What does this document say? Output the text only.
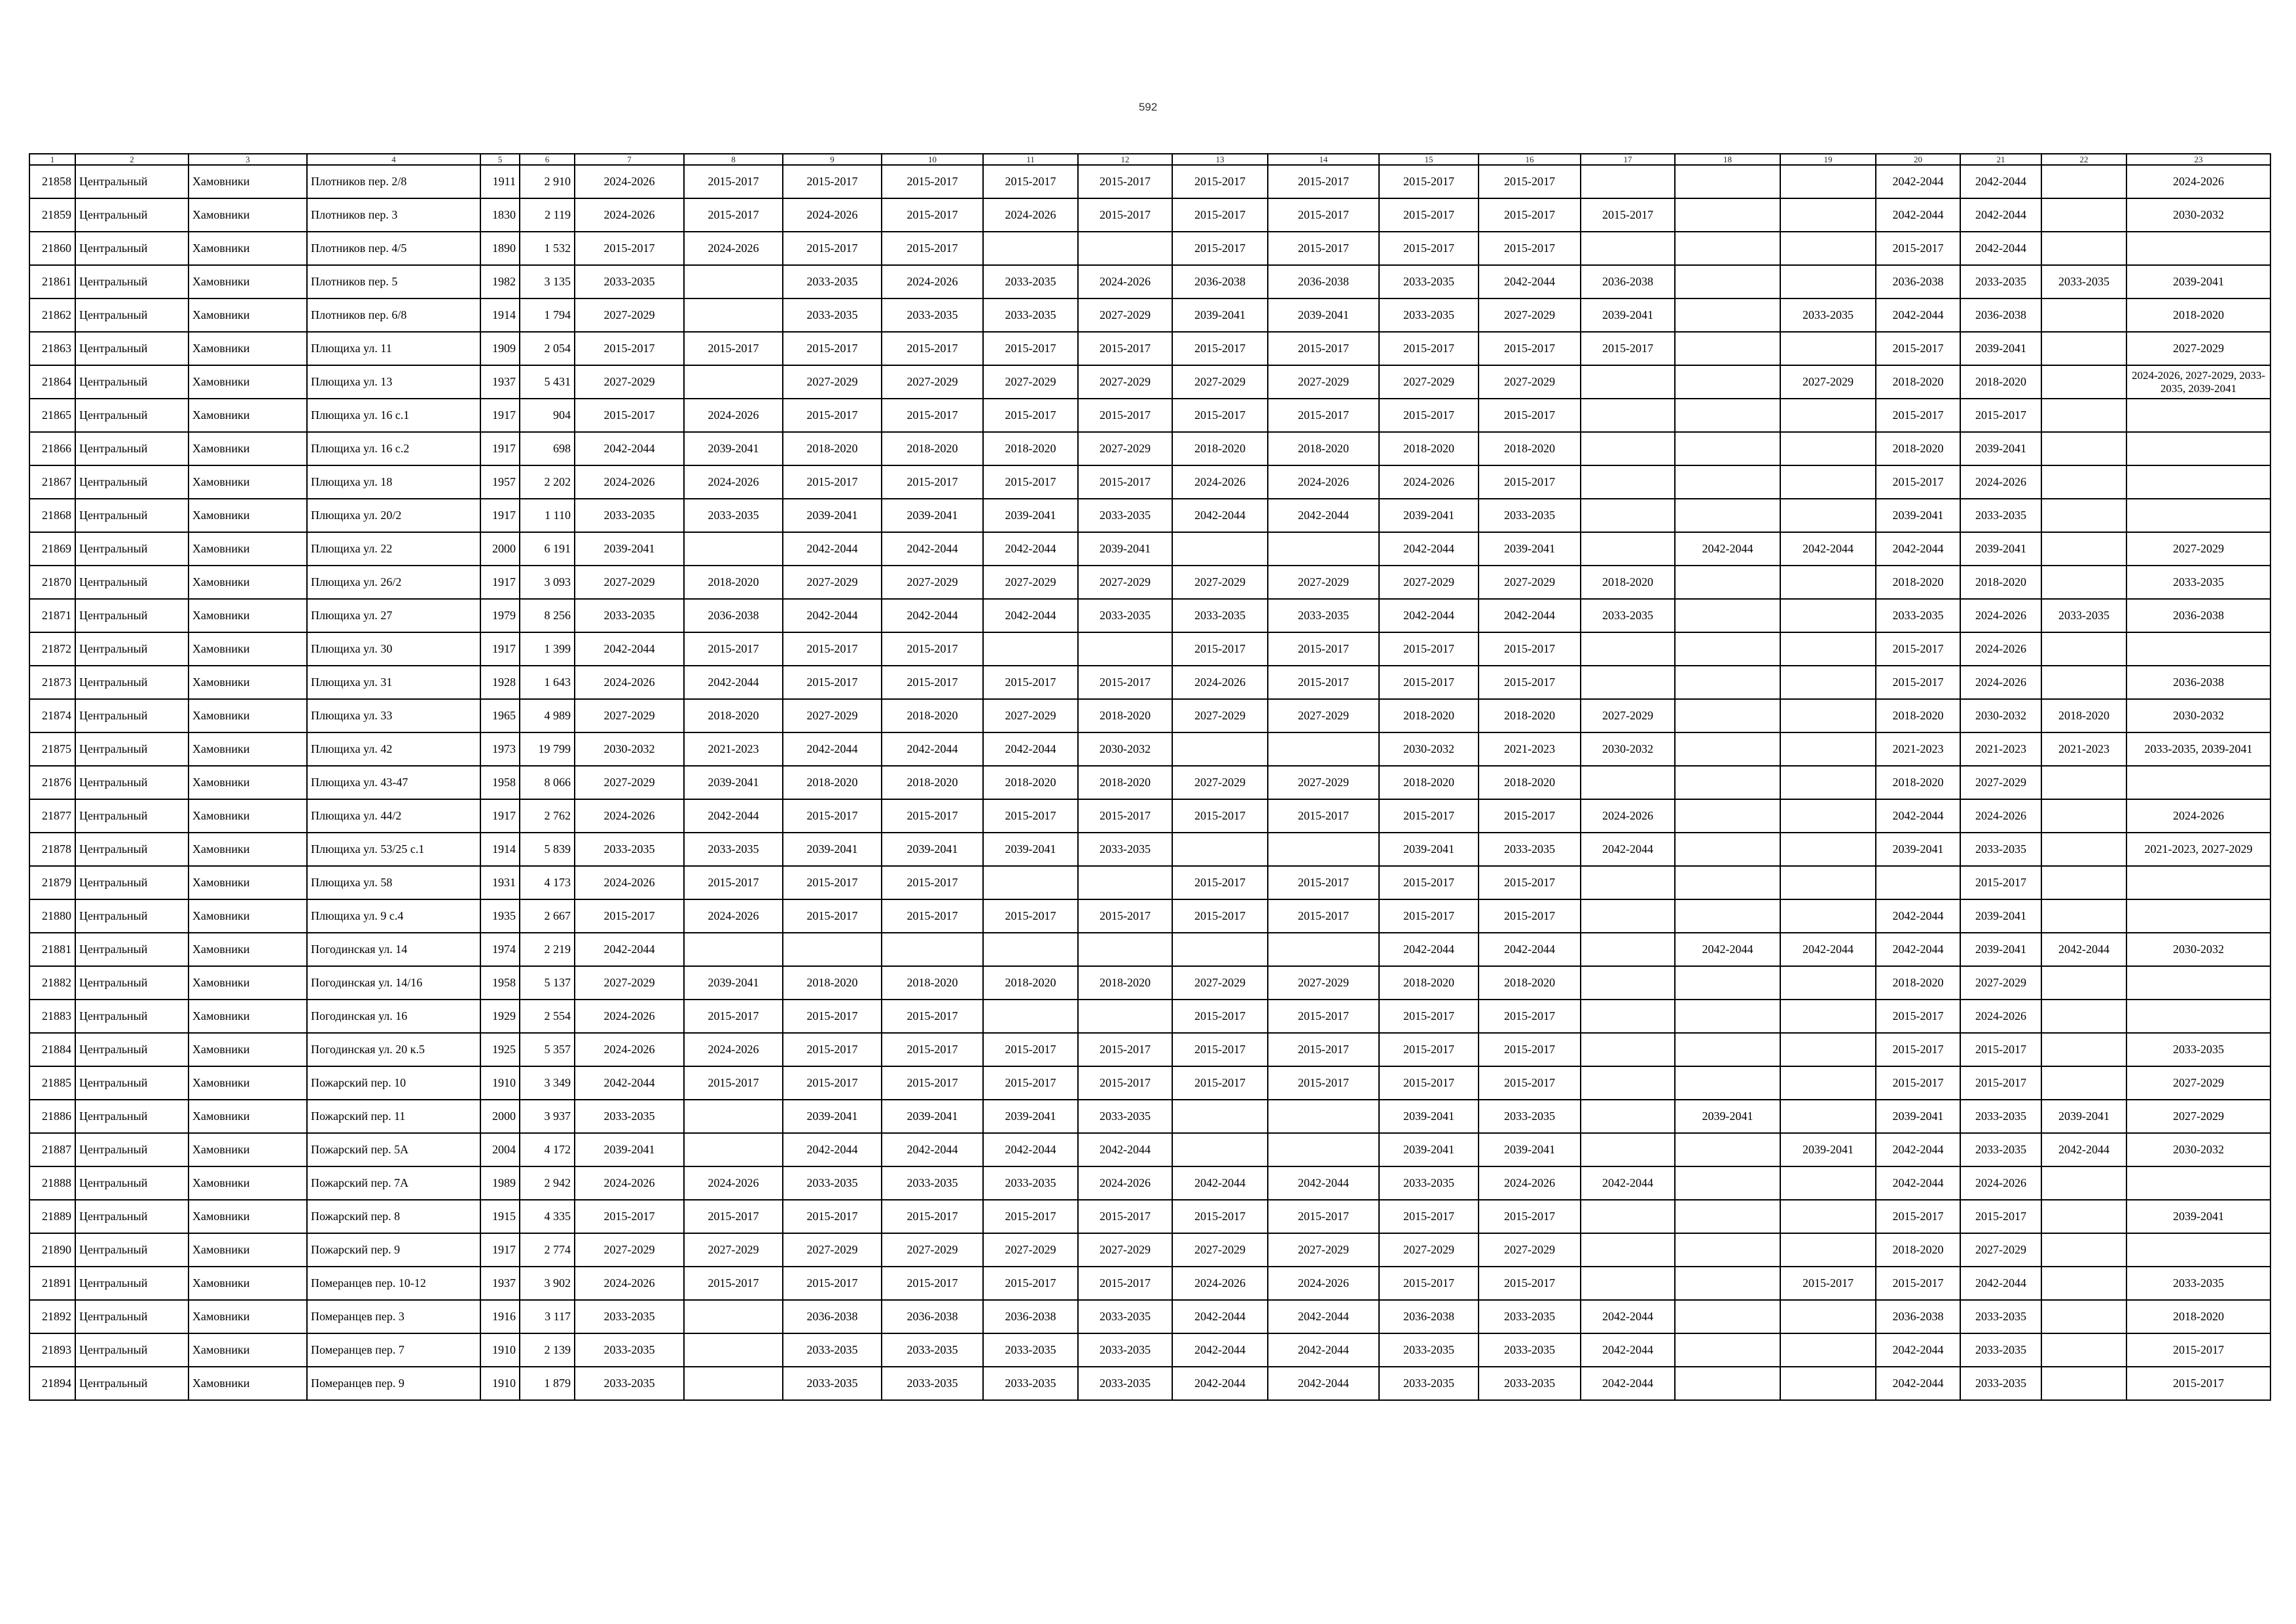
592
1	2	3	4	5	6	7	8	9	10	11	12	13	14	15	16	17	18	19	20	21	22	23
21858	Центральный	Хамовники	Плотников пер. 2/8	1911	2 910	2024-2026	2015-2017	2015-2017	2015-2017	2015-2017	2015-2017	2015-2017	2015-2017	2015-2017	2015-2017				2042-2044	2042-2044		2024-2026
21859	Центральный	Хамовники	Плотников пер. 3	1830	2 119	2024-2026	2015-2017	2024-2026	2015-2017	2024-2026	2015-2017	2015-2017	2015-2017	2015-2017	2015-2017	2015-2017			2042-2044	2042-2044		2030-2032
21860	Центральный	Хамовники	Плотников пер. 4/5	1890	1 532	2015-2017	2024-2026	2015-2017	2015-2017			2015-2017	2015-2017	2015-2017	2015-2017				2015-2017	2042-2044		
21861	Центральный	Хамовники	Плотников пер. 5	1982	3 135	2033-2035		2033-2035	2024-2026	2033-2035	2024-2026	2036-2038	2036-2038	2033-2035	2042-2044	2036-2038			2036-2038	2033-2035	2033-2035	2039-2041
21862	Центральный	Хамовники	Плотников пер. 6/8	1914	1 794	2027-2029		2033-2035	2033-2035	2033-2035	2027-2029	2039-2041	2039-2041	2033-2035	2027-2029	2039-2041		2033-2035	2042-2044	2036-2038		2018-2020
21863	Центральный	Хамовники	Плющиха ул. 11	1909	2 054	2015-2017	2015-2017	2015-2017	2015-2017	2015-2017	2015-2017	2015-2017	2015-2017	2015-2017	2015-2017	2015-2017			2015-2017	2039-2041		2027-2029
21864	Центральный	Хамовники	Плющиха ул. 13	1937	5 431	2027-2029		2027-2029	2027-2029	2027-2029	2027-2029	2027-2029	2027-2029	2027-2029	2027-2029			2027-2029	2018-2020	2018-2020		2024-2026, 2027-2029, 2033-2035, 2039-2041
21865	Центральный	Хамовники	Плющиха ул. 16 с.1	1917	904	2015-2017	2024-2026	2015-2017	2015-2017	2015-2017	2015-2017	2015-2017	2015-2017	2015-2017	2015-2017				2015-2017	2015-2017		
21866	Центральный	Хамовники	Плющиха ул. 16 с.2	1917	698	2042-2044	2039-2041	2018-2020	2018-2020	2018-2020	2027-2029	2018-2020	2018-2020	2018-2020	2018-2020				2018-2020	2039-2041		
21867	Центральный	Хамовники	Плющиха ул. 18	1957	2 202	2024-2026	2024-2026	2015-2017	2015-2017	2015-2017	2015-2017	2024-2026	2024-2026	2024-2026	2015-2017				2015-2017	2024-2026		
21868	Центральный	Хамовники	Плющиха ул. 20/2	1917	1 110	2033-2035	2033-2035	2039-2041	2039-2041	2039-2041	2033-2035	2042-2044	2042-2044	2039-2041	2033-2035				2039-2041	2033-2035		
21869	Центральный	Хамовники	Плющиха ул. 22	2000	6 191	2039-2041		2042-2044	2042-2044	2042-2044	2039-2041			2042-2044	2039-2041		2042-2044	2042-2044	2042-2044	2039-2041		2027-2029
21870	Центральный	Хамовники	Плющиха ул. 26/2	1917	3 093	2027-2029	2018-2020	2027-2029	2027-2029	2027-2029	2027-2029	2027-2029	2027-2029	2027-2029	2027-2029	2018-2020			2018-2020	2018-2020		2033-2035
21871	Центральный	Хамовники	Плющиха ул. 27	1979	8 256	2033-2035	2036-2038	2042-2044	2042-2044	2042-2044	2033-2035	2033-2035	2033-2035	2042-2044	2042-2044	2033-2035			2033-2035	2024-2026	2033-2035	2036-2038
21872	Центральный	Хамовники	Плющиха ул. 30	1917	1 399	2042-2044	2015-2017	2015-2017	2015-2017			2015-2017	2015-2017	2015-2017	2015-2017				2015-2017	2024-2026		
21873	Центральный	Хамовники	Плющиха ул. 31	1928	1 643	2024-2026	2042-2044	2015-2017	2015-2017	2015-2017	2015-2017	2024-2026	2015-2017	2015-2017	2015-2017				2015-2017	2024-2026		2036-2038
21874	Центральный	Хамовники	Плющиха ул. 33	1965	4 989	2027-2029	2018-2020	2027-2029	2018-2020	2027-2029	2018-2020	2027-2029	2027-2029	2018-2020	2018-2020	2027-2029			2018-2020	2030-2032	2018-2020	2030-2032
21875	Центральный	Хамовники	Плющиха ул. 42	1973	19 799	2030-2032	2021-2023	2042-2044	2042-2044	2042-2044	2030-2032			2030-2032	2021-2023	2030-2032			2021-2023	2021-2023	2021-2023	2033-2035, 2039-2041
21876	Центральный	Хамовники	Плющиха ул. 43-47	1958	8 066	2027-2029	2039-2041	2018-2020	2018-2020	2018-2020	2018-2020	2027-2029	2027-2029	2018-2020	2018-2020				2018-2020	2027-2029		
21877	Центральный	Хамовники	Плющиха ул. 44/2	1917	2 762	2024-2026	2042-2044	2015-2017	2015-2017	2015-2017	2015-2017	2015-2017	2015-2017	2015-2017	2015-2017	2024-2026			2042-2044	2024-2026		2024-2026
21878	Центральный	Хамовники	Плющиха ул. 53/25 с.1	1914	5 839	2033-2035	2033-2035	2039-2041	2039-2041	2039-2041	2033-2035			2039-2041	2033-2035	2042-2044			2039-2041	2033-2035		2021-2023, 2027-2029
21879	Центральный	Хамовники	Плющиха ул. 58	1931	4 173	2024-2026	2015-2017	2015-2017	2015-2017			2015-2017	2015-2017	2015-2017	2015-2017					2015-2017		
21880	Центральный	Хамовники	Плющиха ул. 9 с.4	1935	2 667	2015-2017	2024-2026	2015-2017	2015-2017	2015-2017	2015-2017	2015-2017	2015-2017	2015-2017	2015-2017				2042-2044	2039-2041		
21881	Центральный	Хамовники	Погодинская ул. 14	1974	2 219	2042-2044								2042-2044	2042-2044		2042-2044	2042-2044	2042-2044	2039-2041	2042-2044	2030-2032
21882	Центральный	Хамовники	Погодинская ул. 14/16	1958	5 137	2027-2029	2039-2041	2018-2020	2018-2020	2018-2020	2018-2020	2027-2029	2027-2029	2018-2020	2018-2020				2018-2020	2027-2029		
21883	Центральный	Хамовники	Погодинская ул. 16	1929	2 554	2024-2026	2015-2017	2015-2017	2015-2017			2015-2017	2015-2017	2015-2017	2015-2017				2015-2017	2024-2026		
21884	Центральный	Хамовники	Погодинская ул. 20 к.5	1925	5 357	2024-2026	2024-2026	2015-2017	2015-2017	2015-2017	2015-2017	2015-2017	2015-2017	2015-2017	2015-2017				2015-2017	2015-2017		2033-2035
21885	Центральный	Хамовники	Пожарский пер. 10	1910	3 349	2042-2044	2015-2017	2015-2017	2015-2017	2015-2017	2015-2017	2015-2017	2015-2017	2015-2017	2015-2017				2015-2017	2015-2017		2027-2029
21886	Центральный	Хамовники	Пожарский пер. 11	2000	3 937	2033-2035		2039-2041	2039-2041	2039-2041	2033-2035			2039-2041	2033-2035		2039-2041		2039-2041	2033-2035	2039-2041	2027-2029
21887	Центральный	Хамовники	Пожарский пер. 5А	2004	4 172	2039-2041		2042-2044	2042-2044	2042-2044	2042-2044			2039-2041	2039-2041			2039-2041	2042-2044	2033-2035	2042-2044	2030-2032
21888	Центральный	Хамовники	Пожарский пер. 7А	1989	2 942	2024-2026	2024-2026	2033-2035	2033-2035	2033-2035	2024-2026	2042-2044	2042-2044	2033-2035	2024-2026	2042-2044			2042-2044	2024-2026		
21889	Центральный	Хамовники	Пожарский пер. 8	1915	4 335	2015-2017	2015-2017	2015-2017	2015-2017	2015-2017	2015-2017	2015-2017	2015-2017	2015-2017	2015-2017				2015-2017	2015-2017		2039-2041
21890	Центральный	Хамовники	Пожарский пер. 9	1917	2 774	2027-2029	2027-2029	2027-2029	2027-2029	2027-2029	2027-2029	2027-2029	2027-2029	2027-2029	2027-2029				2018-2020	2027-2029		
21891	Центральный	Хамовники	Померанцев пер. 10-12	1937	3 902	2024-2026	2015-2017	2015-2017	2015-2017	2015-2017	2015-2017	2024-2026	2024-2026	2015-2017	2015-2017			2015-2017	2015-2017	2042-2044		2033-2035
21892	Центральный	Хамовники	Померанцев пер. 3	1916	3 117	2033-2035		2036-2038	2036-2038	2036-2038	2033-2035	2042-2044	2042-2044	2036-2038	2033-2035	2042-2044			2036-2038	2033-2035		2018-2020
21893	Центральный	Хамовники	Померанцев пер. 7	1910	2 139	2033-2035		2033-2035	2033-2035	2033-2035	2033-2035	2042-2044	2042-2044	2033-2035	2033-2035	2042-2044			2042-2044	2033-2035		2015-2017
21894	Центральный	Хамовники	Померанцев пер. 9	1910	1 879	2033-2035		2033-2035	2033-2035	2033-2035	2033-2035	2042-2044	2042-2044	2033-2035	2033-2035	2042-2044			2042-2044	2033-2035		2015-2017
